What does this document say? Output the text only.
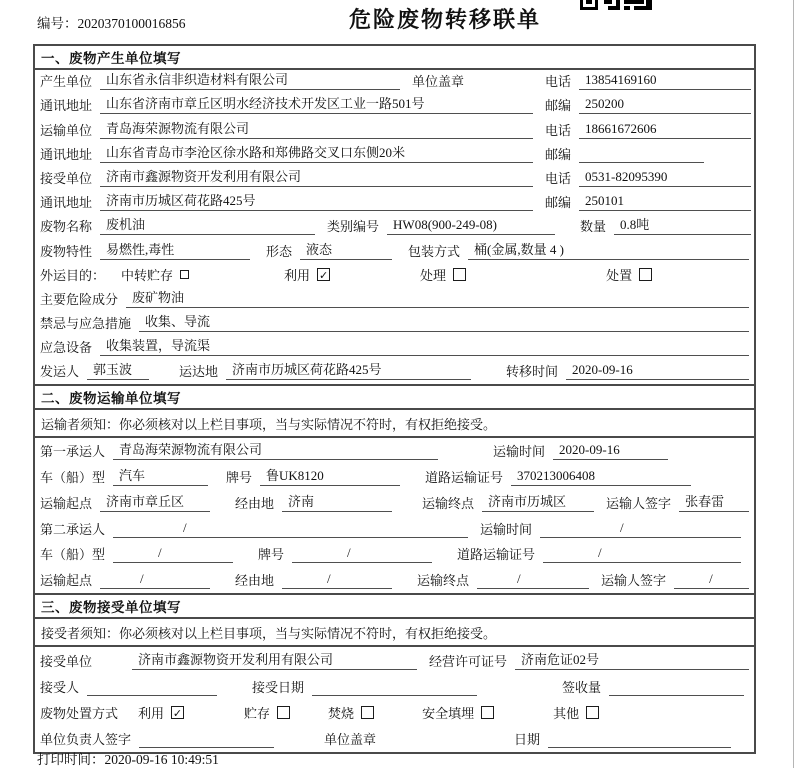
编号：2020370100016856	危险废物转移联单
一、废物产生单位填写
产生单位	山东省永信非织造材料有限公司	单位盖章	电话	13854169160
通讯地址	山东省济南市章丘区明水经济技术开发区工业一路501号	邮编	250200
运输单位	青岛海荣源物流有限公司	电话	18661672606
通讯地址	山东省青岛市李沧区徐水路和郑佛路交叉口东侧20米	邮编
接受单位	济南市鑫源物资开发利用有限公司	电话	0531-82095390
通讯地址	济南市历城区荷花路425号	邮编	250101
废物名称	废机油	类别编号	HW08(900-249-08)	数量	0.8吨
废物特性	易燃性,毒性	形态	液态	包装方式	桶(金属,数量 4 )
外运目的： 中转贮存	利用 ✓	处理	处置
主要危险成分	废矿物油
禁忌与应急措施	收集、导流
应急设备	收集装置，导流渠
发运人	郭玉波	运达地	济南市历城区荷花路425号	转移时间	2020-09-16
二、废物运输单位填写
运输者须知：你必须核对以上栏目事项，当与实际情况不符时，有权拒绝接受。
第一承运人	青岛海荣源物流有限公司	运输时间	2020-09-16
车（船）型	汽车	牌号	鲁UK8120	道路运输证号	370213006408
运输起点	济南市章丘区	经由地	济南	运输终点	济南市历城区	运输人签字	张春雷
第二承运人	/	运输时间	/
车（船）型	/	牌号	/	道路运输证号	/
运输起点	/	经由地	/	运输终点	/	运输人签字	/
三、废物接受单位填写
接受者须知：你必须核对以上栏目事项，当与实际情况不符时，有权拒绝接受。
接受单位	济南市鑫源物资开发利用有限公司	经营许可证号	济南危证02号
接受人	接受日期	签收量
废物处置方式 利用 ✓	贮存	焚烧	安全填埋	其他
单位负责人签字	单位盖章	日期
打印时间：2020-09-16 10:49:51
